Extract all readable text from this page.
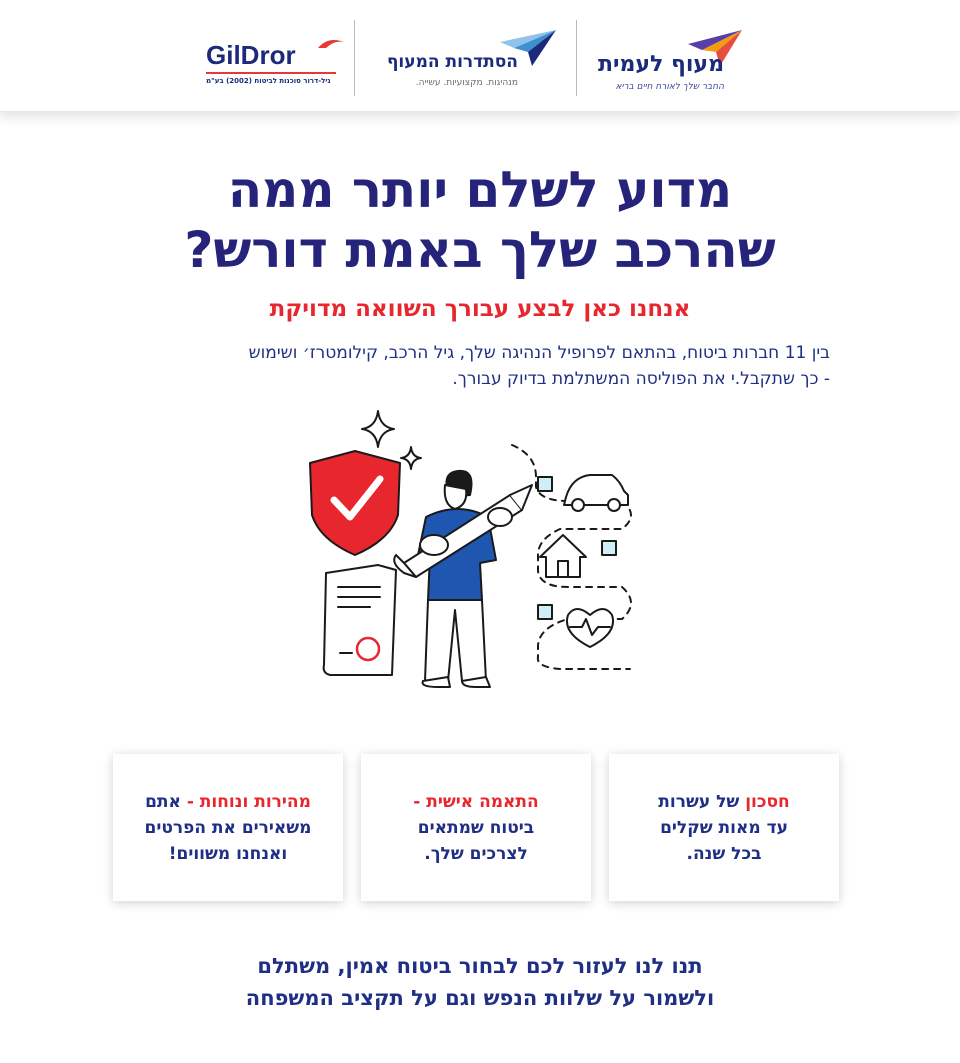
מעוף לעמית
החבר שלך לאורח חיים בריא
הסתדרות המעוף
מנהיגות. מקצועיות. עשייה.
GilDror
גיל-דרור סוכנות לביטוח (2002) בע"מ
מדוע לשלם יותר ממה
שהרכב שלך באמת דורש?
אנחנו כאן לבצע עבורך השוואה מדויקת

בין 11 חברות ביטוח, בהתאם לפרופיל הנהיגה שלך, גיל הרכב, קילומטרז׳ ושימוש
- כך שתקבל.י את הפוליסה המשתלמת בדיוק עבורך.

חסכון של עשרות
עד מאות שקלים
בכל שנה.
התאמה אישית -
ביטוח שמתאים
לצרכים שלך.
מהירות ונוחות - אתם
משאירים את הפרטים
ואנחנו משווים!

תנו לנו לעזור לכם לבחור ביטוח אמין, משתלם
ולשמור על שלוות הנפש וגם על תקציב המשפחה
